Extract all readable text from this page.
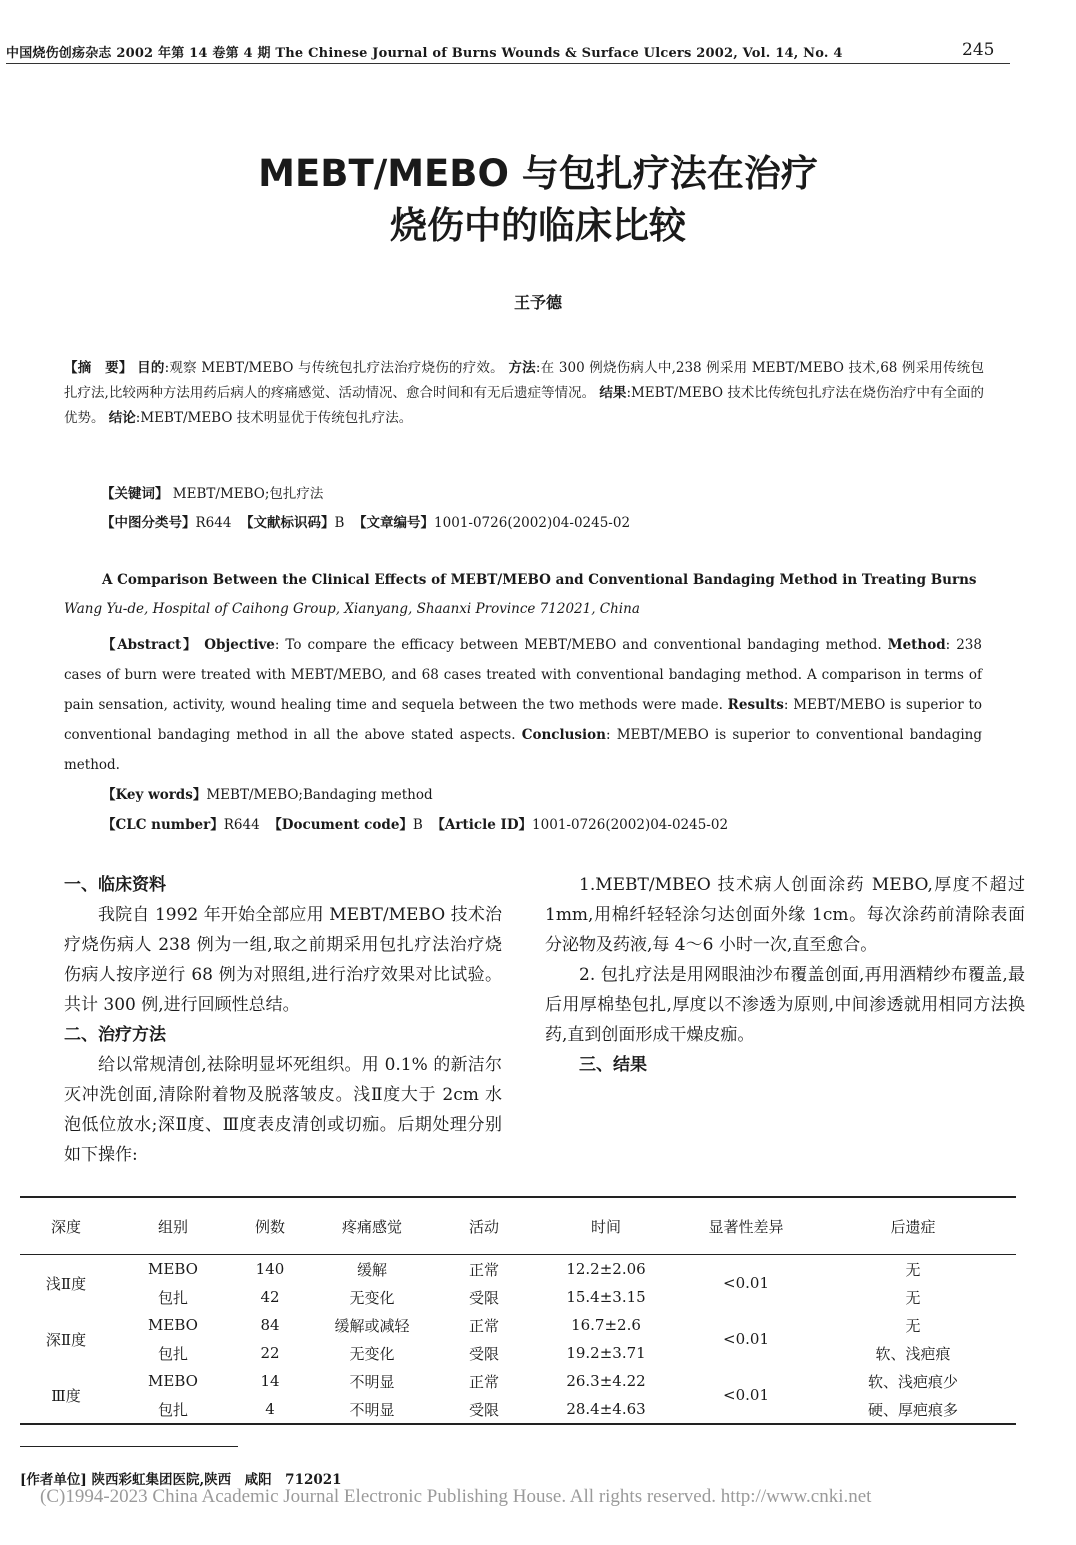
中国烧伤创疡杂志 2002 年第 14 卷第 4 期 The Chinese Journal of Burns Wounds & Surface Ulcers 2002, Vol. 14, No. 4	245
MEBT/MEBO 与包扎疗法在治疗
烧伤中的临床比较
王予德
【摘　要】 目的:观察 MEBT/MEBO 与传统包扎疗法治疗烧伤的疗效。 方法:在 300 例烧伤病人中,238 例采用 MEBT/MEBO 技术,68 例采用传统包扎疗法,比较两种方法用药后病人的疼痛感觉、活动情况、愈合时间和有无后遗症等情况。 结果:MEBT/MEBO 技术比传统包扎疗法在烧伤治疗中有全面的优势。 结论:MEBT/MEBO 技术明显优于传统包扎疗法。
【关键词】 MEBT/MEBO;包扎疗法
【中图分类号】R644 【文献标识码】B 【文章编号】1001-0726(2002)04-0245-02
A Comparison Between the Clinical Effects of MEBT/MEBO and Conventional Bandaging Method in Treating Burns
Wang Yu-de, Hospital of Caihong Group, Xianyang, Shaanxi Province 712021, China
【Abstract】 Objective: To compare the efficacy between MEBT/MEBO and conventional bandaging method. Method: 238 cases of burn were treated with MEBT/MEBO, and 68 cases treated with conventional bandaging method. A comparison in terms of pain sensation, activity, wound healing time and sequela between the two methods were made. Results: MEBT/MEBO is superior to conventional bandaging method in all the above stated aspects. Conclusion: MEBT/MEBO is superior to conventional bandaging method.
【Key words】MEBT/MEBO;Bandaging method
【CLC number】R644 【Document code】B 【Article ID】1001-0726(2002)04-0245-02

一、临床资料

我院自 1992 年开始全部应用 MEBT/MEBO 技术治疗烧伤病人 238 例为一组,取之前期采用包扎疗法治疗烧伤病人按序逆行 68 例为对照组,进行治疗效果对比试验。共计 300 例,进行回顾性总结。

二、治疗方法

给以常规清创,祛除明显坏死组织。用 0.1% 的新洁尔灭冲洗创面,清除附着物及脱落皱皮。浅Ⅱ度大于 2cm 水泡低位放水;深Ⅱ度、Ⅲ度表皮清创或切痂。后期处理分别如下操作:

1.MEBT/MBEO 技术病人创面涂药 MEBO,厚度不超过 1mm,用棉纤轻轻涂匀达创面外缘 1cm。每次涂药前清除表面分泌物及药液,每 4～6 小时一次,直至愈合。

2. 包扎疗法是用网眼油沙布覆盖创面,再用酒精纱布覆盖,最后用厚棉垫包扎,厚度以不渗透为原则,中间渗透就用相同方法换药,直到创面形成干燥皮痂。

三、结果

深度	组别	例数	疼痛感觉	活动	时间	显著性差异	后遗症
浅Ⅱ度	MEBO	140	缓解	正常	12.2±2.06	<0.01	无
	包扎	42	无变化	受限	15.4±3.15		无
深Ⅱ度	MEBO	84	缓解或减轻	正常	16.7±2.6	<0.01	无
	包扎	22	无变化	受限	19.2±3.71		软、浅疤痕
Ⅲ度	MEBO	14	不明显	正常	26.3±4.22	<0.01	软、浅疤痕少
	包扎	4	不明显	受限	28.4±4.63		硬、厚疤痕多
[作者单位] 陕西彩虹集团医院,陕西　咸阳　712021
(C)1994-2023 China Academic Journal Electronic Publishing House. All rights reserved. http://www.cnki.net
